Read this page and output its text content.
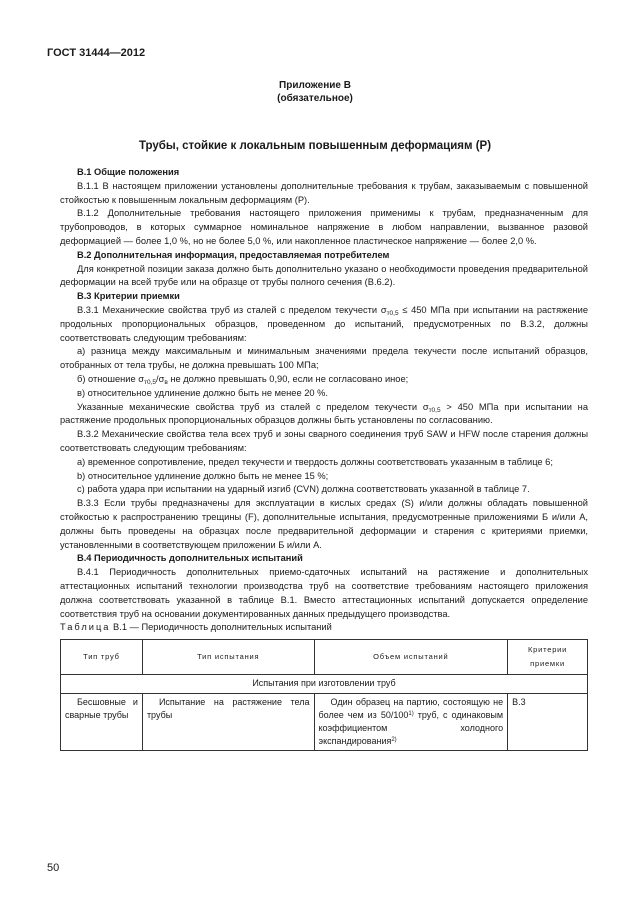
ГОСТ 31444—2012
Приложение В
(обязательное)
Трубы, стойкие к локальным повышенным деформациям (P)

В.1 Общие положения

В.1.1 В настоящем приложении установлены дополнительные требования к трубам, заказываемым с повышенной стойкостью к повышенным локальным деформациям (P).

В.1.2 Дополнительные требования настоящего приложения применимы к трубам, предназначенным для трубопроводов, в которых суммарное номинальное напряжение в любом направлении, вызванное разовой деформацией — более 1,0 %, но не более 5,0 %, или накопленное пластическое напряжение — более 2,0 %.

В.2 Дополнительная информация, предоставляемая потребителем

Для конкретной позиции заказа должно быть дополнительно указано о необходимости проведения предварительной деформации на всей трубе или на образце от трубы полного сечения (В.6.2).

В.3 Критерии приемки

В.3.1 Механические свойства труб из сталей с пределом текучести $\sigma_{т0,5} \le 450$ МПа при испытании на растяжение продольных пропорциональных образцов, проведенном до испытаний, предусмотренных по В.3.2, должны соответствовать следующим требованиям:

а) разница между максимальным и минимальным значениями предела текучести после испытаний образцов, отобранных от тела трубы, не должна превышать 100 МПа;

б) отношение $\sigma_{т0,5}/\sigma_в$ не должно превышать 0,90, если не согласовано иное;

в) относительное удлинение должно быть не менее 20 %.

Указанные механические свойства труб из сталей с пределом текучести $\sigma_{т0,5} > 450$ МПа при испытании на растяжение продольных пропорциональных образцов должны быть установлены по согласованию.

В.3.2 Механические свойства тела всех труб и зоны сварного соединения труб SAW и HFW после старения должны соответствовать следующим требованиям:

а) временное сопротивление, предел текучести и твердость должны соответствовать указанным в таблице 6;

b) относительное удлинение должно быть не менее 15 %;

c) работа удара при испытании на ударный изгиб (CVN) должна соответствовать указанной в таблице 7.

В.3.3 Если трубы предназначены для эксплуатации в кислых средах (S) и/или должны обладать повышенной стойкостью к распространению трещины (F), дополнительные испытания, предусмотренные приложениями Б и/или А, должны быть проведены на образцах после предварительной деформации и старения с критериями приемки, установленными в соответствующем приложении Б и/или А.

В.4 Периодичность дополнительных испытаний

В.4.1 Периодичность дополнительных приемо-сдаточных испытаний на растяжение и дополнительных аттестационных испытаний технологии производства труб на соответствие требованиям настоящего приложения должна соответствовать указанной в таблице В.1. Вместо аттестационных испытаний допускается определение соответствия труб на основании документированных данных предыдущего производства.

Таблица В.1 — Периодичность дополнительных испытаний

Тип труб	Тип испытания	Объем испытаний	Критерии приемки
Испытания при изготовлении труб			
Бесшовные и сварные трубы	Испытание на растяжение тела трубы	Один образец на партию, состоящую не более чем из 50/100$^{1)}$ труб, с одинаковым коэффициентом холодного экспандирования$^{2)}$	В.3
50
